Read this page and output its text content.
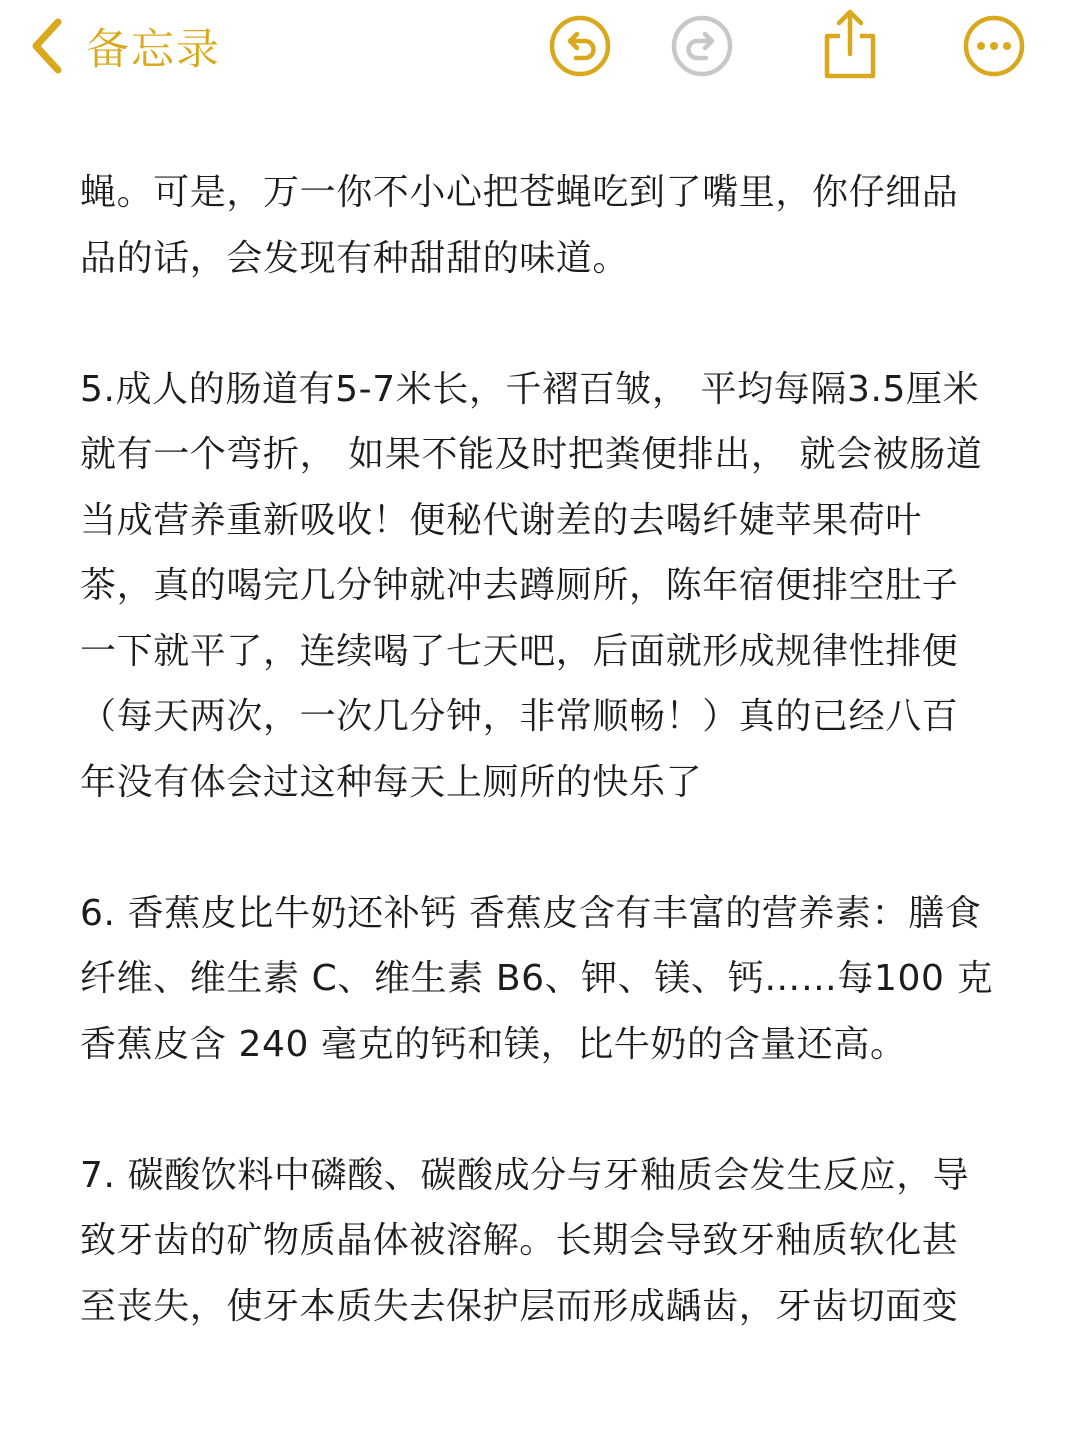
备忘录

蝇。可是，万一你不小心把苍蝇吃到了嘴里，你仔细品

品的话，会发现有种甜甜的味道。

5.成人的肠道有5-7米长，千褶百皱， 平均每隔3.5厘米

就有一个弯折， 如果不能及时把粪便排出， 就会被肠道

当成营养重新吸收！便秘代谢差的去喝纤婕苹果荷叶

茶，真的喝完几分钟就冲去蹲厕所，陈年宿便排空肚子

一下就平了，连续喝了七天吧，后面就形成规律性排便

（每天两次，一次几分钟，非常顺畅！）真的已经八百

年没有体会过这种每天上厕所的快乐了

6. 香蕉皮比牛奶还补钙 香蕉皮含有丰富的营养素：膳食

纤维、维生素 C、维生素 B6、钾、镁、钙……每100 克

香蕉皮含 240 毫克的钙和镁，比牛奶的含量还高。

7. 碳酸饮料中磷酸、碳酸成分与牙釉质会发生反应，导

致牙齿的矿物质晶体被溶解。长期会导致牙釉质软化甚

至丧失，使牙本质失去保护层而形成龋齿，牙齿切面变
